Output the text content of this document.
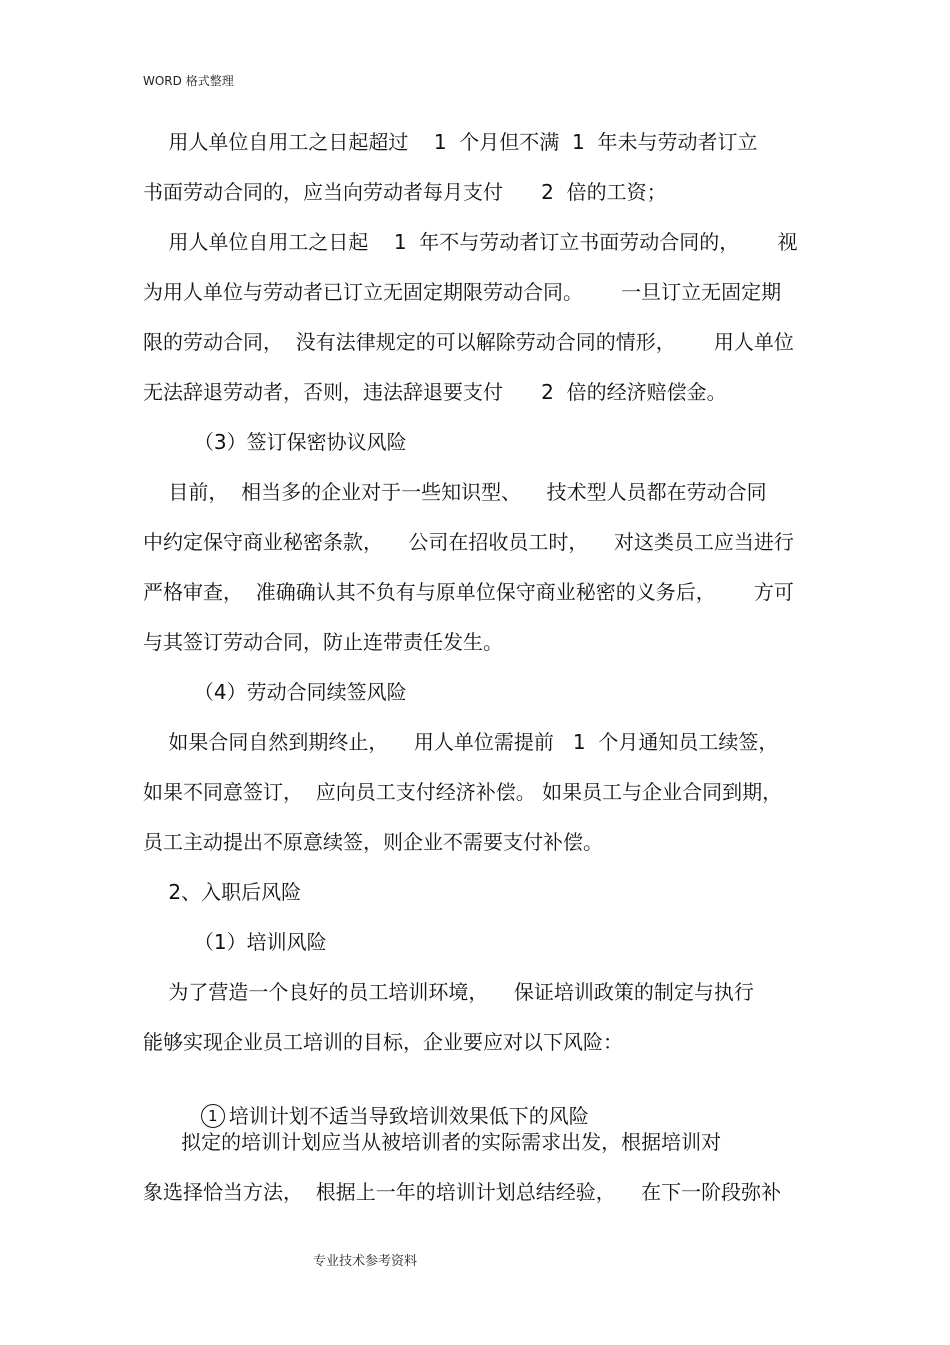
WORD 格式整理
用人单位自用工之日起超过    1  个月但不满  1  年未与劳动者订立
书面劳动合同的，应当向劳动者每月支付      2  倍的工资；
用人单位自用工之日起    1  年不与劳动者订立书面劳动合同的，      视
为用人单位与劳动者已订立无固定期限劳动合同。      一旦订立无固定期
限的劳动合同，  没有法律规定的可以解除劳动合同的情形，      用人单位
无法辞退劳动者，否则，违法辞退要支付      2  倍的经济赔偿金。
（3）签订保密协议风险
目前，  相当多的企业对于一些知识型、    技术型人员都在劳动合同
中约定保守商业秘密条款，    公司在招收员工时，    对这类员工应当进行
严格审查，  准确确认其不负有与原单位保守商业秘密的义务后，      方可
与其签订劳动合同，防止连带责任发生。
（4）劳动合同续签风险
如果合同自然到期终止，    用人单位需提前   1  个月通知员工续签，
如果不同意签订，  应向员工支付经济补偿。 如果员工与企业合同到期，
员工主动提出不原意续签，则企业不需要支付补偿。
2、入职后风险
（1）培训风险
为了营造一个良好的员工培训环境，    保证培训政策的制定与执行
能够实现企业员工培训的目标，企业要应对以下风险：

1 培训计划不适当导致培训效果低下的风险

拟定的培训计划应当从被培训者的实际需求出发，根据培训对
象选择恰当方法，  根据上一年的培训计划总结经验，    在下一阶段弥补
专业技术参考资料
